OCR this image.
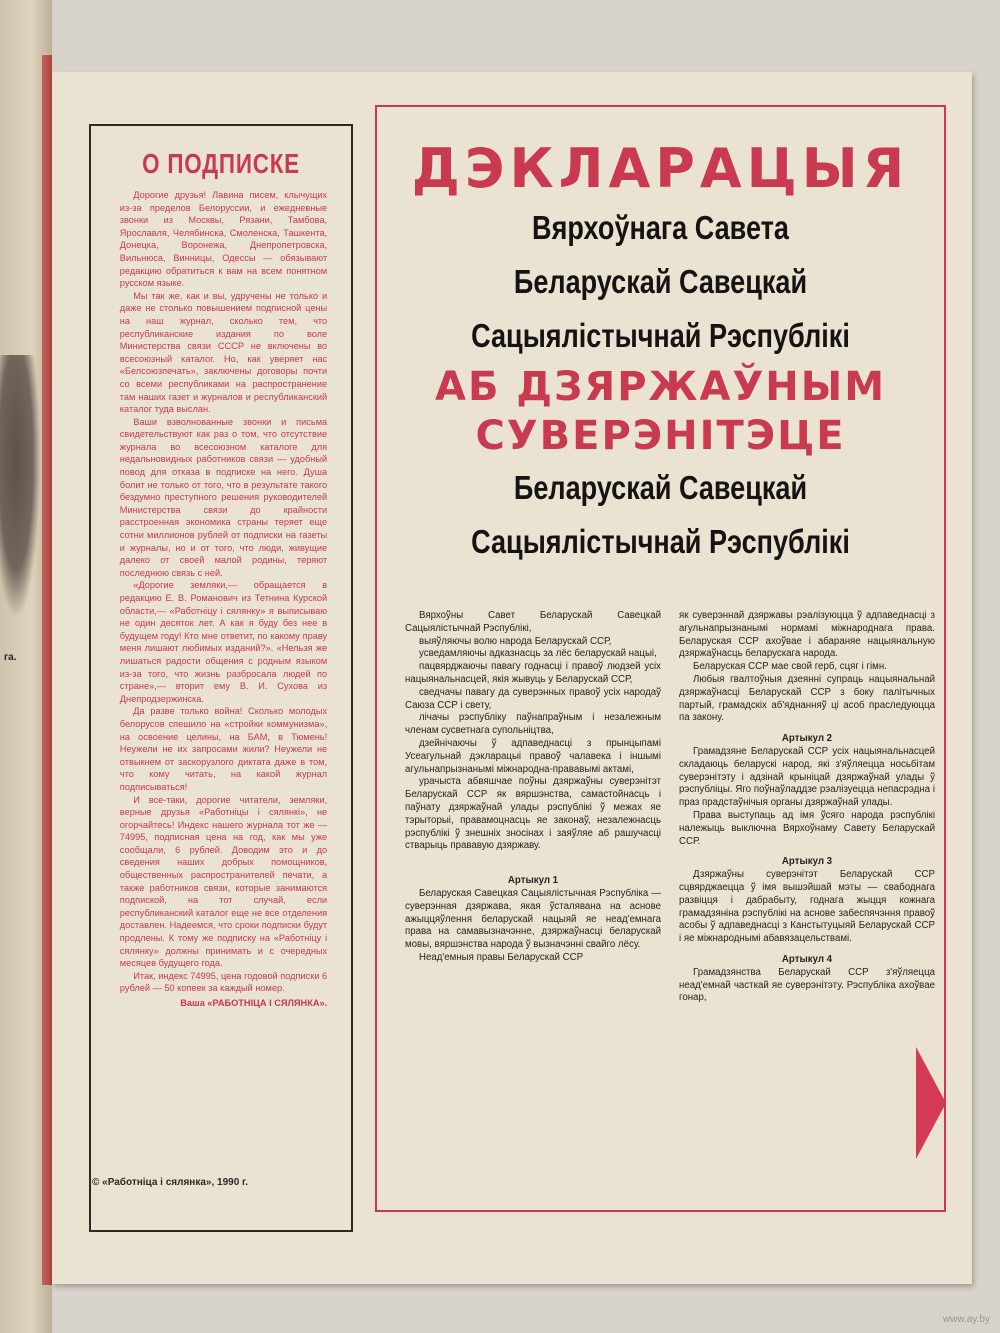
га.
О ПОДПИСКЕ

Дорогие друзья! Лавина писем, клычущих из-за пределов Белоруссии, и ежедневные звонки из Москвы, Рязани, Тамбова, Ярославля, Челябинска, Смоленска, Ташкента, Донецка, Воронежа, Днепропетровска, Вильнюса, Винницы, Одессы — обязывают редакцию обратиться к вам на всем понятном русском языке.

Мы так же, как и вы, удручены не только и даже не столько повышением подписной цены на наш журнал, сколько тем, что республиканские издания по воле Министерства связи СССР не включены во всесоюзный каталог. Но, как уверяет нас «Белсоюзпечать», заключены договоры почти со всеми республиками на распространение там наших газет и журналов и республиканский каталог туда выслан.

Ваши взволнованные звонки и письма свидетельствуют как раз о том, что отсутствие журнала во всесоюзном каталоге для недальновидных работников связи — удобный повод для отказа в подписке на него. Душа болит не только от того, что в результате такого бездумно преступного решения руководителей Министерства связи до крайности расстроенная экономика страны теряет еще сотни миллионов рублей от подписки на газеты и журналы, но и от того, что люди, живущие далеко от своей малой родины, теряют последнюю связь с ней.

«Дорогие земляки,— обращается в редакцию Е. В. Романович из Тетнина Курской области,— «Работніцу і сялянку» я выписываю не один десяток лет. А как я буду без нее в будущем году! Кто мне ответит, по какому праву меня лишают любимых изданий?». «Нельзя же лишаться радости общения с родным языком из-за того, что жизнь разбросала людей по стране»,— вторит ему В. И. Сухова из Днепродзержинска.

Да разве только война! Сколько молодых белорусов спешило на «стройки коммунизма», на освоение целины, на БАМ, в Тюмень! Неужели не их запросами жили? Неужели не отвыкнем от заскорузлого диктата даже в том, что кому читать, на какой журнал подписываться!

И все-таки, дорогие читатели, земляки, верные друзья «Работніцы і сялянкі», не огорчайтесь! Индекс нашего журнала тот же — 74995, подписная цена на год, как мы уже сообщали, 6 рублей. Доводим это и до сведения наших добрых помощников, общественных распространителей печати, а также работников связи, которые занимаются подпиской, на тот случай, если республиканский каталог еще не все отделения доставлен. Надеемся, что сроки подписки будут продлены. К тому же подписку на «Работніцу і сялянку» должны принимать и с очередных месяцев будущего года.

Итак, индекс 74995, цена годовой подписки 6 рублей — 50 копеек за каждый номер.

Ваша «РАБОТНІЦА І СЯЛЯНКА».
© «Работніца і сялянка», 1990 г.
ДЭКЛАРАЦЫЯ
Вярхоўнага Савета
Беларускай Савецкай
Сацыялістычнай Рэспублікі
АБ ДЗЯРЖАЎНЫМ
СУВЕРЭНІТЭЦЕ
Беларускай Савецкай
Сацыялістычнай Рэспублікі

Вярхоўны Савет Беларускай Савецкай Сацыялістычнай Рэспублікі,

выяўляючы волю народа Беларускай ССР,

усведамляючы адказнасць за лёс беларускай нацыі,

пацвярджаючы павагу годнасці і правоў людзей усіх нацыянальнасцей, якія жывуць у Беларускай ССР,

сведчачы павагу да суверэнных правоў усіх народаў Саюза ССР і свету,

лічачы рэспубліку паўнапраўным і незалежным членам сусветнага супольніцтва,

дзейнічаючы ў адпаведнасці з прынцыпамі Усеагульнай дэкларацыі правоў чалавека і іншымі агульнапрызнанымі міжнародна-прававымі актамі,

урачыста абвяшчае поўны дзяржаўны суверэнітэт Беларускай ССР як вяршэнства, самастойнасць і паўнату дзяржаўнай улады рэспублікі ў межах яе тэрыторыі, правамоцнасць яе законаў, незалежнасць рэспублікі ў знешніх зносінах і заяўляе аб рашучасці стварыць прававую дзяржаву.

Артыкул 1

Беларуская Савецкая Сацыялістычная Рэспубліка — суверэнная дзяржава, якая ўсталявана на аснове ажыццяўлення беларускай нацыяй яе неад'емнага права на самавызначэнне, дзяржаўнасці беларускай мовы, вяршэнства народа ў вызначэнні свайго лёсу.

Неад'емныя правы Беларускай ССР

як суверэннай дзяржавы рэалізуюцца ў адпаведнасці з агульнапрызнанымі нормамі міжнароднага права. Беларуская ССР ахоўвае і абараняе нацыянальную дзяржаўнасць беларускага народа.

Беларуская ССР мае свой герб, сцяг і гімн.

Любыя гвалтоўныя дзеянні супраць нацыянальнай дзяржаўнасці Беларускай ССР з боку палітычных партый, грамадскіх аб'яднанняў ці асоб праследуюцца па закону.

Артыкул 2

Грамадзяне Беларускай ССР усіх нацыянальнасцей складаюць беларускі народ, які з'яўляецца носьбітам суверэнітэту і адзінай крыніцай дзяржаўнай улады ў рэспубліцы. Яго поўнаўладдзе рэалізуецца непасрэдна і праз прадстаўнічыя органы дзяржаўнай улады.

Права выступаць ад імя ўсяго народа рэспублікі належыць выключна Вярхоўнаму Савету Беларускай ССР.

Артыкул 3

Дзяржаўны суверэнітэт Беларускай ССР сцвярджаецца ў імя вышэйшай мэты — свабоднага развіцця і дабрабыту, годнага жыцця кожнага грамадзяніна рэспублікі на аснове забеспячэння правоў асобы ў адпаведнасці з Канстытуцыяй Беларускай ССР і яе міжнароднымі абавязацельствамі.

Артыкул 4

Грамадзянства Беларускай ССР з'яўляецца неад'емнай часткай яе суверэнітэту. Рэспубліка ахоўвае гонар,

www.ay.by
